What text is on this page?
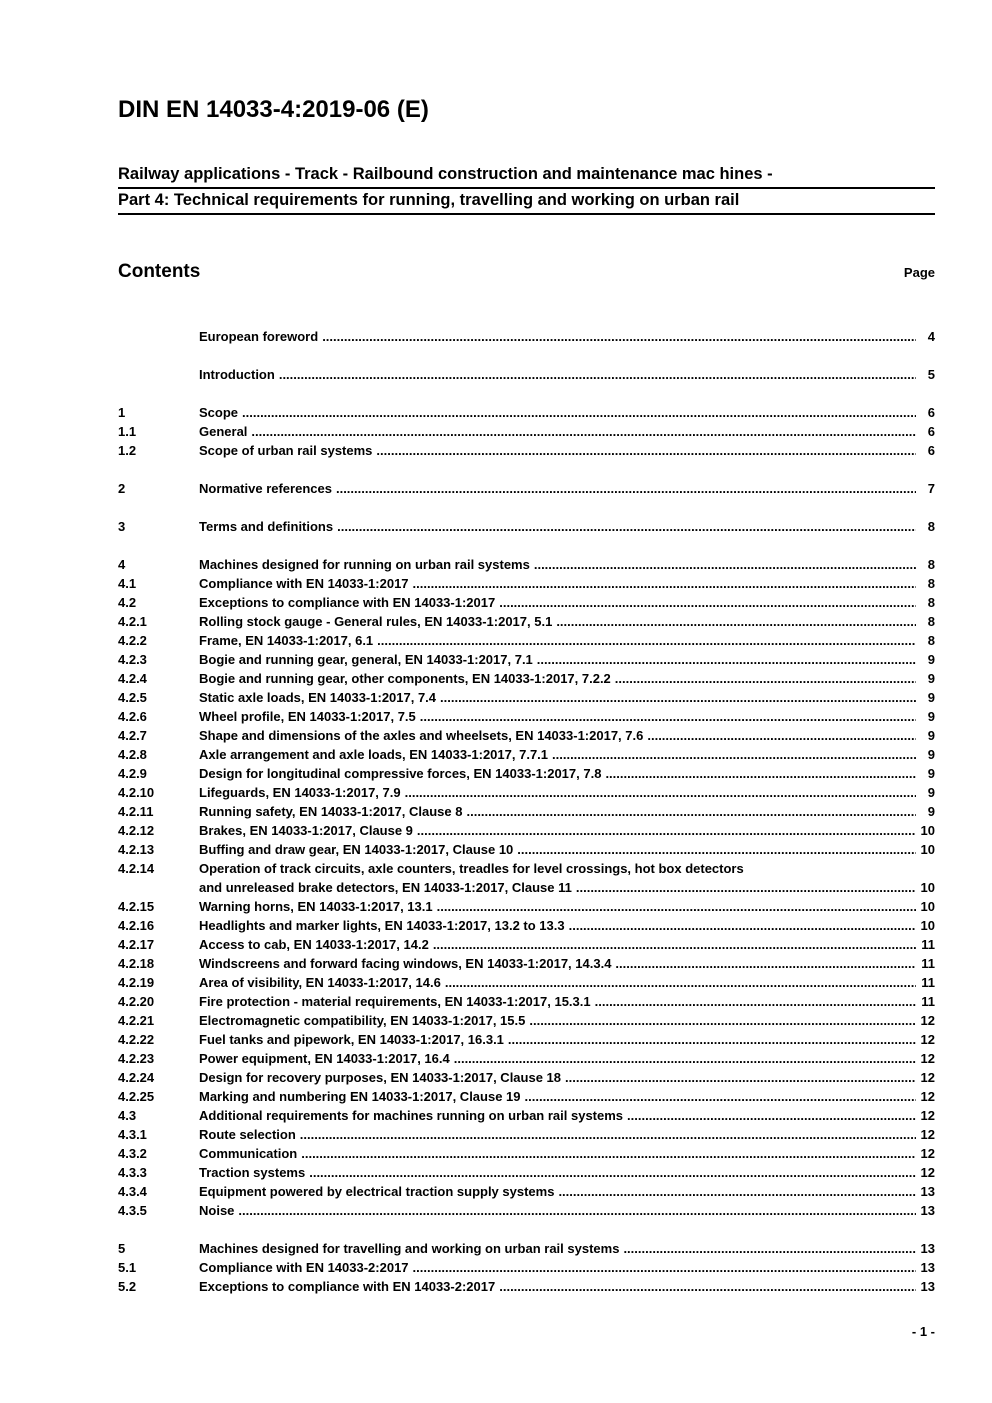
DIN EN 14033-4:2019-06 (E)
Railway applications - Track - Railbound construction and maintenance mac hines -
Part 4: Technical requirements for running, travelling and working on urban rail
Contents	Page
European foreword .....	4
Introduction .....	5
1	Scope .....	6
1.1	General .....	6
1.2	Scope of urban rail systems .....	6
2	Normative references .....	7
3	Terms and definitions .....	8
4	Machines designed for running on urban rail systems .....	8
4.1	Compliance with EN 14033-1:2017 .....	8
4.2	Exceptions to compliance with EN 14033-1:2017 .....	8
4.2.1	Rolling stock gauge - General rules, EN 14033-1:2017, 5.1 .....	8
4.2.2	Frame, EN 14033-1:2017, 6.1 .....	8
4.2.3	Bogie and running gear, general, EN 14033-1:2017, 7.1 .....	9
4.2.4	Bogie and running gear, other components, EN 14033-1:2017, 7.2.2 .....	9
4.2.5	Static axle loads, EN 14033-1:2017, 7.4 .....	9
4.2.6	Wheel profile, EN 14033-1:2017, 7.5 .....	9
4.2.7	Shape and dimensions of the axles and wheelsets, EN 14033-1:2017, 7.6 .....	9
4.2.8	Axle arrangement and axle loads, EN 14033-1:2017, 7.7.1 .....	9
4.2.9	Design for longitudinal compressive forces, EN 14033-1:2017, 7.8 .....	9
4.2.10	Lifeguards, EN 14033-1:2017, 7.9 .....	9
4.2.11	Running safety, EN 14033-1:2017, Clause 8 .....	9
4.2.12	Brakes, EN 14033-1:2017, Clause 9 .....	10
4.2.13	Buffing and draw gear, EN 14033-1:2017, Clause 10 .....	10
4.2.14	Operation of track circuits, axle counters, treadles for level crossings, hot box detectors
and unreleased brake detectors, EN 14033-1:2017, Clause 11 .....	10
4.2.15	Warning horns, EN 14033-1:2017, 13.1 .....	10
4.2.16	Headlights and marker lights, EN 14033-1:2017, 13.2 to 13.3 .....	10
4.2.17	Access to cab, EN 14033-1:2017, 14.2 .....	11
4.2.18	Windscreens and forward facing windows, EN 14033-1:2017, 14.3.4 .....	11
4.2.19	Area of visibility, EN 14033-1:2017, 14.6 .....	11
4.2.20	Fire protection - material requirements, EN 14033-1:2017, 15.3.1 .....	11
4.2.21	Electromagnetic compatibility, EN 14033-1:2017, 15.5 .....	12
4.2.22	Fuel tanks and pipework, EN 14033-1:2017, 16.3.1 .....	12
4.2.23	Power equipment, EN 14033-1:2017, 16.4 .....	12
4.2.24	Design for recovery purposes, EN 14033-1:2017, Clause 18 .....	12
4.2.25	Marking and numbering EN 14033-1:2017, Clause 19 .....	12
4.3	Additional requirements for machines running on urban rail systems .....	12
4.3.1	Route selection .....	12
4.3.2	Communication .....	12
4.3.3	Traction systems .....	12
4.3.4	Equipment powered by electrical traction supply systems .....	13
4.3.5	Noise .....	13
5	Machines designed for travelling and working on urban rail systems .....	13
5.1	Compliance with EN 14033-2:2017 .....	13
5.2	Exceptions to compliance with EN 14033-2:2017 .....	13
- 1 -
